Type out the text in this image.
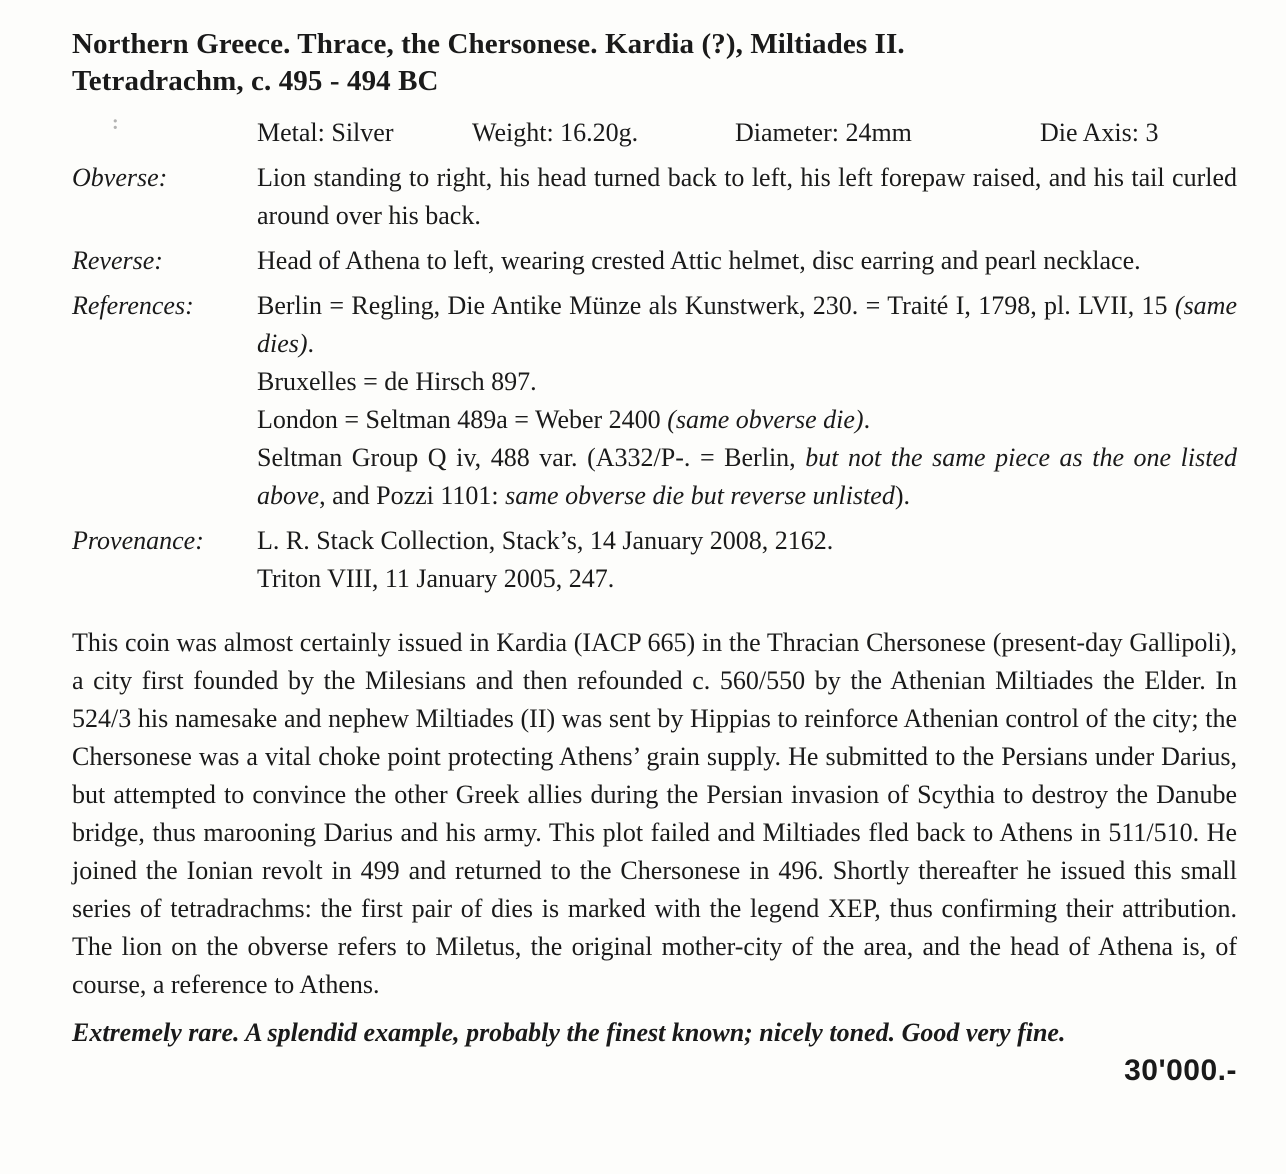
:
Northern Greece. Thrace, the Chersonese. Kardia (?), Miltiades II.
Tetradrachm, c. 495 - 494 BC
Metal: Silver	Weight: 16.20g.	Diameter: 24mm	Die Axis: 3
Obverse:	Lion standing to right, his head turned back to left, his left forepaw raised, and his tail curled around over his back.
Reverse:	Head of Athena to left, wearing crested Attic helmet, disc earring and pearl necklace.
References:	Berlin = Regling, Die Antike Münze als Kunstwerk, 230. = Traité I, 1798, pl. LVII, 15 (same dies).

Bruxelles = de Hirsch 897.

London = Seltman 489a = Weber 2400 (same obverse die).

Seltman Group Q iv, 488 var. (A332/P-. = Berlin, but not the same piece as the one listed above, and Pozzi 1101: same obverse die but reverse unlisted).

Provenance:	L. R. Stack Collection, Stack’s, 14 January 2008, 2162.

Triton VIII, 11 January 2005, 247.

This coin was almost certainly issued in Kardia (IACP 665) in the Thracian Chersonese (present-day Gallipoli), a city first founded by the Milesians and then refounded c. 560/550 by the Athenian Miltiades the Elder. In 524/3 his namesake and nephew Miltiades (II) was sent by Hippias to reinforce Athenian control of the city; the Chersonese was a vital choke point protecting Athens’ grain supply. He submitted to the Persians under Darius, but attempted to convince the other Greek allies during the Persian invasion of Scythia to destroy the Danube bridge, thus marooning Darius and his army. This plot failed and Miltiades fled back to Athens in 511/510. He joined the Ionian revolt in 499 and returned to the Chersonese in 496. Shortly thereafter he issued this small series of tetradrachms: the first pair of dies is marked with the legend XEP, thus confirming their attribution. The lion on the obverse refers to Miletus, the original mother-city of the area, and the head of Athena is, of course, a reference to Athens.

Extremely rare. A splendid example, probably the finest known; nicely toned. Good very fine.

30'000.-
